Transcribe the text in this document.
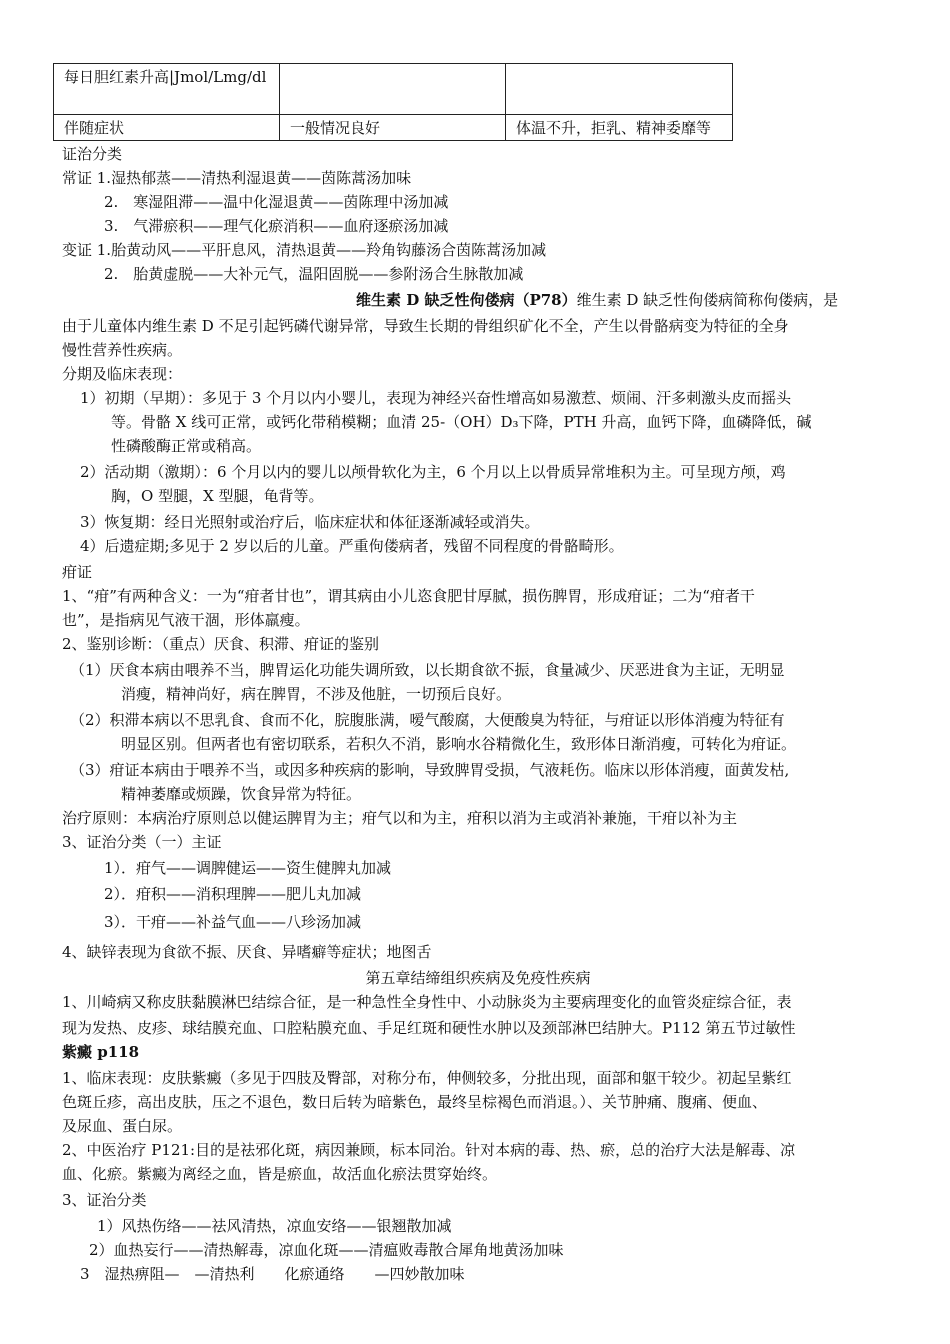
每日胆红素升高|Jmol/Lmg/dl		

伴随症状	一般情况良好	体温不升，拒乳、精神委靡等
证治分类
常证 1.湿热郁蒸——清热利湿退黄——茵陈蒿汤加味
2.　寒湿阻滞——温中化湿退黄——茵陈理中汤加减
3.　气滞瘀积——理气化瘀消积——血府逐瘀汤加减
变证 1.胎黄动风——平肝息风，清热退黄——羚角钩藤汤合茵陈蒿汤加减
2.　胎黄虚脱——大补元气，温阳固脱——参附汤合生脉散加减
维生素 D 缺乏性佝偻病（P78）维生素 D 缺乏性佝偻病简称佝偻病，是
由于儿童体内维生素 D 不足引起钙磷代谢异常，导致生长期的骨组织矿化不全，产生以骨骼病变为特征的全身
慢性营养性疾病。
分期及临床表现：
1）初期（早期）：多见于 3 个月以内小婴儿，表现为神经兴奋性增高如易激惹、烦闹、汗多刺激头皮而摇头
等。骨骼 X 线可正常，或钙化带稍模糊；血清 25-（OH）D₃下降，PTH 升高，血钙下降，血磷降低，碱
性磷酸酶正常或稍高。
2）活动期（激期）：6 个月以内的婴儿以颅骨软化为主，6 个月以上以骨质异常堆积为主。可呈现方颅，鸡
胸，O 型腿，X 型腿，龟背等。
3）恢复期：经日光照射或治疗后，临床症状和体征逐渐减轻或消失。
4）后遗症期;多见于 2 岁以后的儿童。严重佝偻病者，残留不同程度的骨骼畸形。
疳证
1、“疳”有两种含义：一为“疳者甘也”，谓其病由小儿恣食肥甘厚腻，损伤脾胃，形成疳证；二为“疳者干
也”，是指病见气液干涸，形体羸瘦。
2、鉴别诊断：（重点）厌食、积滞、疳证的鉴别
（1）厌食本病由喂养不当，脾胃运化功能失调所致，以长期食欲不振，食量减少、厌恶进食为主证，无明显
消瘦，精神尚好，病在脾胃，不涉及他脏，一切预后良好。
（2）积滞本病以不思乳食、食而不化，脘腹胀满，嗳气酸腐，大便酸臭为特征，与疳证以形体消瘦为特征有
明显区别。但两者也有密切联系，若积久不消，影响水谷精微化生，致形体日渐消瘦，可转化为疳证。
（3）疳证本病由于喂养不当，或因多种疾病的影响，导致脾胃受损，气液耗伤。临床以形体消瘦，面黄发枯,
精神萎靡或烦躁，饮食异常为特征。
治疗原则：本病治疗原则总以健运脾胃为主；疳气以和为主，疳积以消为主或消补兼施，干疳以补为主
3、证治分类（一）主证
1）．疳气——调脾健运——资生健脾丸加减
2）．疳积——消积理脾——肥儿丸加减
3）．干疳——补益气血——八珍汤加减
4、缺锌表现为食欲不振、厌食、异嗜癖等症状；地图舌
第五章结缔组织疾病及免疫性疾病
1、川崎病又称皮肤黏膜淋巴结综合征，是一种急性全身性中、小动脉炎为主要病理变化的血管炎症综合征，表
现为发热、皮疹、球结膜充血、口腔粘膜充血、手足红斑和硬性水肿以及颈部淋巴结肿大。P112 第五节过敏性
紫癜 p118
1、临床表现：皮肤紫癜（多见于四肢及臀部，对称分布，伸侧较多，分批出现，面部和躯干较少。初起呈紫红
色斑丘疹，高出皮肤，压之不退色，数日后转为暗紫色，最终呈棕褐色而消退。）、关节肿痛、腹痛、便血、
及尿血、蛋白尿。
2、中医治疗 P121:目的是祛邪化斑，病因兼顾，标本同治。针对本病的毒、热、瘀，总的治疗大法是解毒、凉
血、化瘀。紫癜为离经之血，皆是瘀血，故活血化瘀法贯穿始终。
3、证治分类
1）风热伤络——祛风清热，凉血安络——银翘散加减
2）血热妄行——清热解毒，凉血化斑——清瘟败毒散合犀角地黄汤加味
3　湿热痹阻—　—清热利　　化瘀通络　　—四妙散加味
